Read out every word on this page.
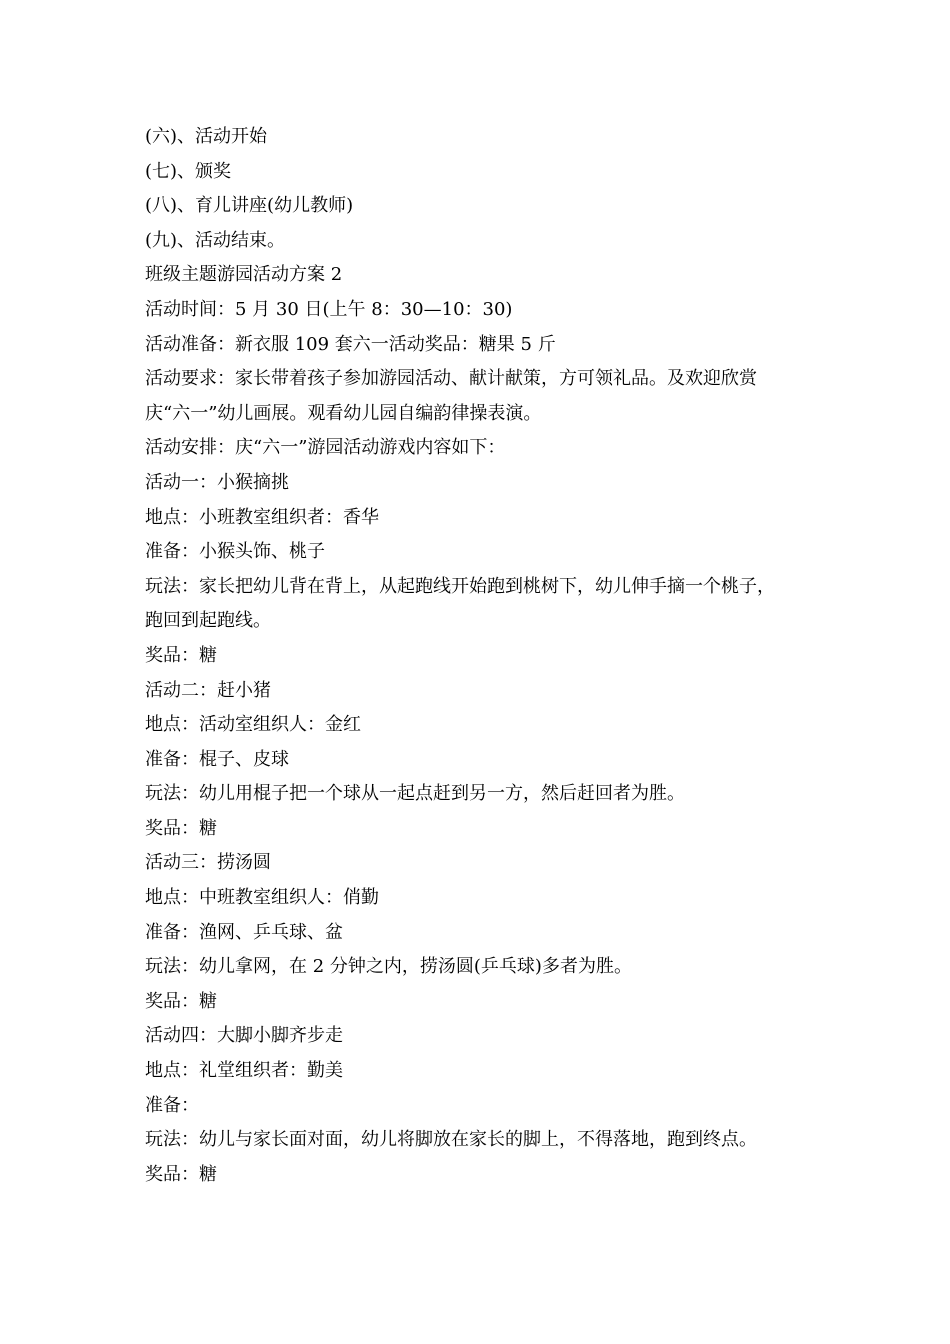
(六)、活动开始
(七)、颁奖
(八)、育儿讲座(幼儿教师)
(九)、活动结束。
班级主题游园活动方案 2
活动时间：5 月 30 日(上午 8：30—10：30)
活动准备：新衣服 109 套六一活动奖品：糖果 5 斤
活动要求：家长带着孩子参加游园活动、献计献策，方可领礼品。及欢迎欣赏
庆“六一”幼儿画展。观看幼儿园自编韵律操表演。
活动安排：庆“六一”游园活动游戏内容如下：
活动一：小猴摘挑
地点：小班教室组织者：香华
准备：小猴头饰、桃子
玩法：家长把幼儿背在背上，从起跑线开始跑到桃树下，幼儿伸手摘一个桃子，
跑回到起跑线。
奖品：糖
活动二：赶小猪
地点：活动室组织人：金红
准备：棍子、皮球
玩法：幼儿用棍子把一个球从一起点赶到另一方，然后赶回者为胜。
奖品：糖
活动三：捞汤圆
地点：中班教室组织人：俏勤
准备：渔网、乒乓球、盆
玩法：幼儿拿网，在 2 分钟之内，捞汤圆(乒乓球)多者为胜。
奖品：糖
活动四：大脚小脚齐步走
地点：礼堂组织者：勤美
准备：
玩法：幼儿与家长面对面，幼儿将脚放在家长的脚上，不得落地，跑到终点。
奖品：糖
